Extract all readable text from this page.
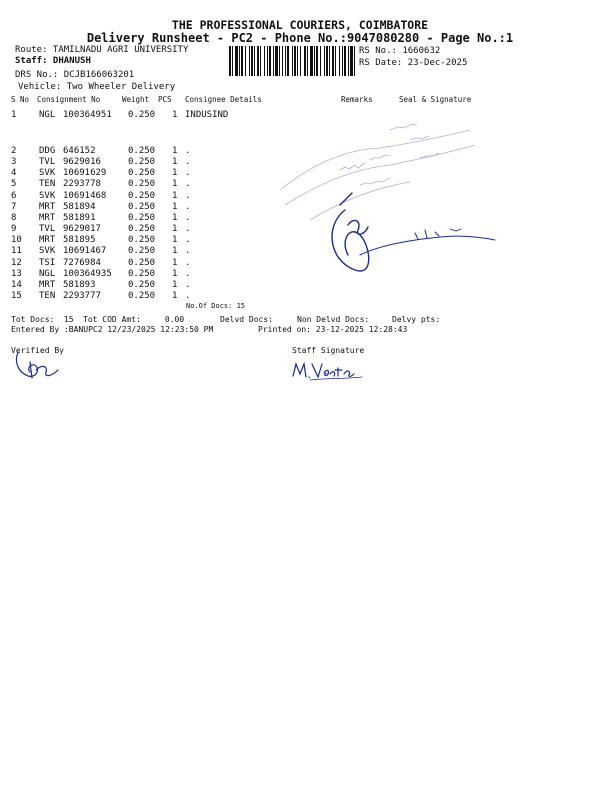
THE PROFESSIONAL COURIERS, COIMBATORE
Delivery Runsheet - PC2 - Phone No.:9047080280 - Page No.:1
Route: TAMILNADU AGRI UNIVERSITY
Staff: DHANUSH
DRS No.: DCJB166063201
Vehicle: Two Wheeler Delivery
RS No.: 1660632
RS Date: 23-Dec-2025
S No Consignment No	Weight PCS Consignee Details	Remarks	Seal & Signature
1	NGL 100364951 0.250 1 INDUSIND
2	DDG 646152	0.250 1 .
3	TVL 9629016	0.250 1 .
4	SVK 10691629 0.250 1 .
5	TEN 2293778	0.250 1 .
6	SVK 10691468 0.250 1 .
7	MRT 581894	0.250 1 .
8	MRT 581891	0.250 1 .
9	TVL 9629017	0.250 1 .
10 MRT 581895	0.250 1 .
11 SVK 10691467 0.250 1 .
12 TSI 7276984	0.250 1 .
13 NGL 100364935 0.250 1 .
14 MRT 581893	0.250 1 .
15 TEN 2293777	0.250 1 .
No.Of Docs: 15
Tot Docs:  15 Tot COD Amt:     0.00	Delvd Docs:	Non Delvd Docs:	Delvy pts:
Entered By :BANUPC2 12/23/2025 12:23:50 PM	Printed on: 23-12-2025 12:28:43
Verified By	Staff Signature
